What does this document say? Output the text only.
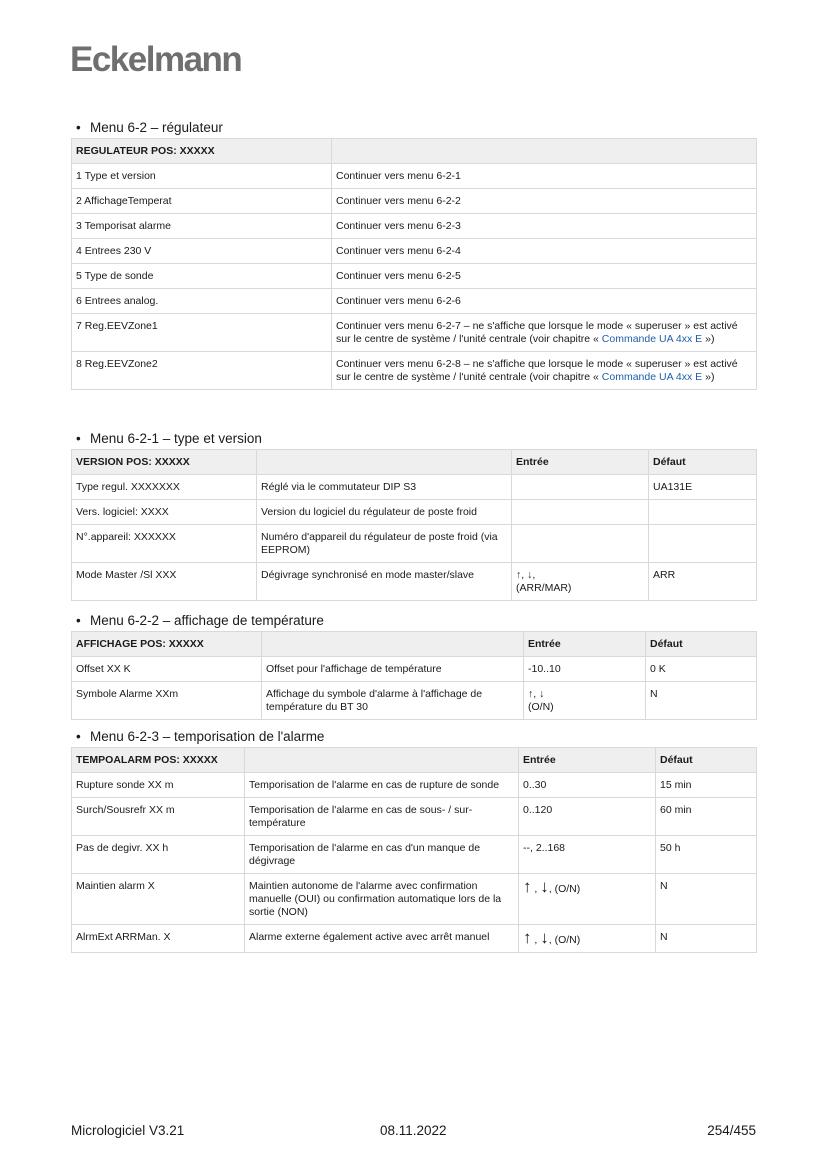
Eckelmann
• Menu 6-2 – régulateur
REGULATEUR POS: XXXXX	
1 Type et version	Continuer vers menu 6-2-1
2 AffichageTemperat	Continuer vers menu 6-2-2
3 Temporisat alarme	Continuer vers menu 6-2-3
4 Entrees 230 V	Continuer vers menu 6-2-4
5 Type de sonde	Continuer vers menu 6-2-5
6 Entrees analog.	Continuer vers menu 6-2-6
7 Reg.EEVZone1	Continuer vers menu 6-2-7 – ne s'affiche que lorsque le mode « superuser » est activé sur le centre de système / l'unité centrale (voir chapitre « Commande UA 4xx E »)
8 Reg.EEVZone2	Continuer vers menu 6-2-8 – ne s'affiche que lorsque le mode « superuser » est activé sur le centre de système / l'unité centrale (voir chapitre « Commande UA 4xx E »)
• Menu 6-2-1 – type et version
VERSION POS: XXXXX		Entrée	Défaut
Type regul. XXXXXXX	Réglé via le commutateur DIP S3		UA131E
Vers. logiciel: XXXX	Version du logiciel du régulateur de poste froid		
N°.appareil: XXXXXX	Numéro d'appareil du régulateur de poste froid (via EEPROM)		
Mode Master /Sl XXX	Dégivrage synchronisé en mode master/slave	↑, ↓,
(ARR/MAR)	ARR
• Menu 6-2-2 – affichage de température
AFFICHAGE POS: XXXXX		Entrée	Défaut
Offset XX K	Offset pour l'affichage de température	-10..10	0 K
Symbole Alarme XXm	Affichage du symbole d'alarme à l'affichage de température du BT 30	↑, ↓
(O/N)	N
• Menu 6-2-3 – temporisation de l'alarme
TEMPOALARM POS: XXXXX		Entrée	Défaut
Rupture sonde XX m	Temporisation de l'alarme en cas de rupture de sonde	0..30	15 min
Surch/Sousrefr XX m	Temporisation de l'alarme en cas de sous- / sur-température	0..120	60 min
Pas de degivr. XX h	Temporisation de l'alarme en cas d'un manque de dégivrage	--, 2..168	50 h
Maintien alarm X	Maintien autonome de l'alarme avec confirmation manuelle (OUI) ou confirmation automatique lors de la sortie (NON)	↑ , ↓, (O/N)	N
AlrmExt ARRMan. X	Alarme externe également active avec arrêt manuel	↑ , ↓, (O/N)	N
Micrologiciel V3.21	08.11.2022	254/455
